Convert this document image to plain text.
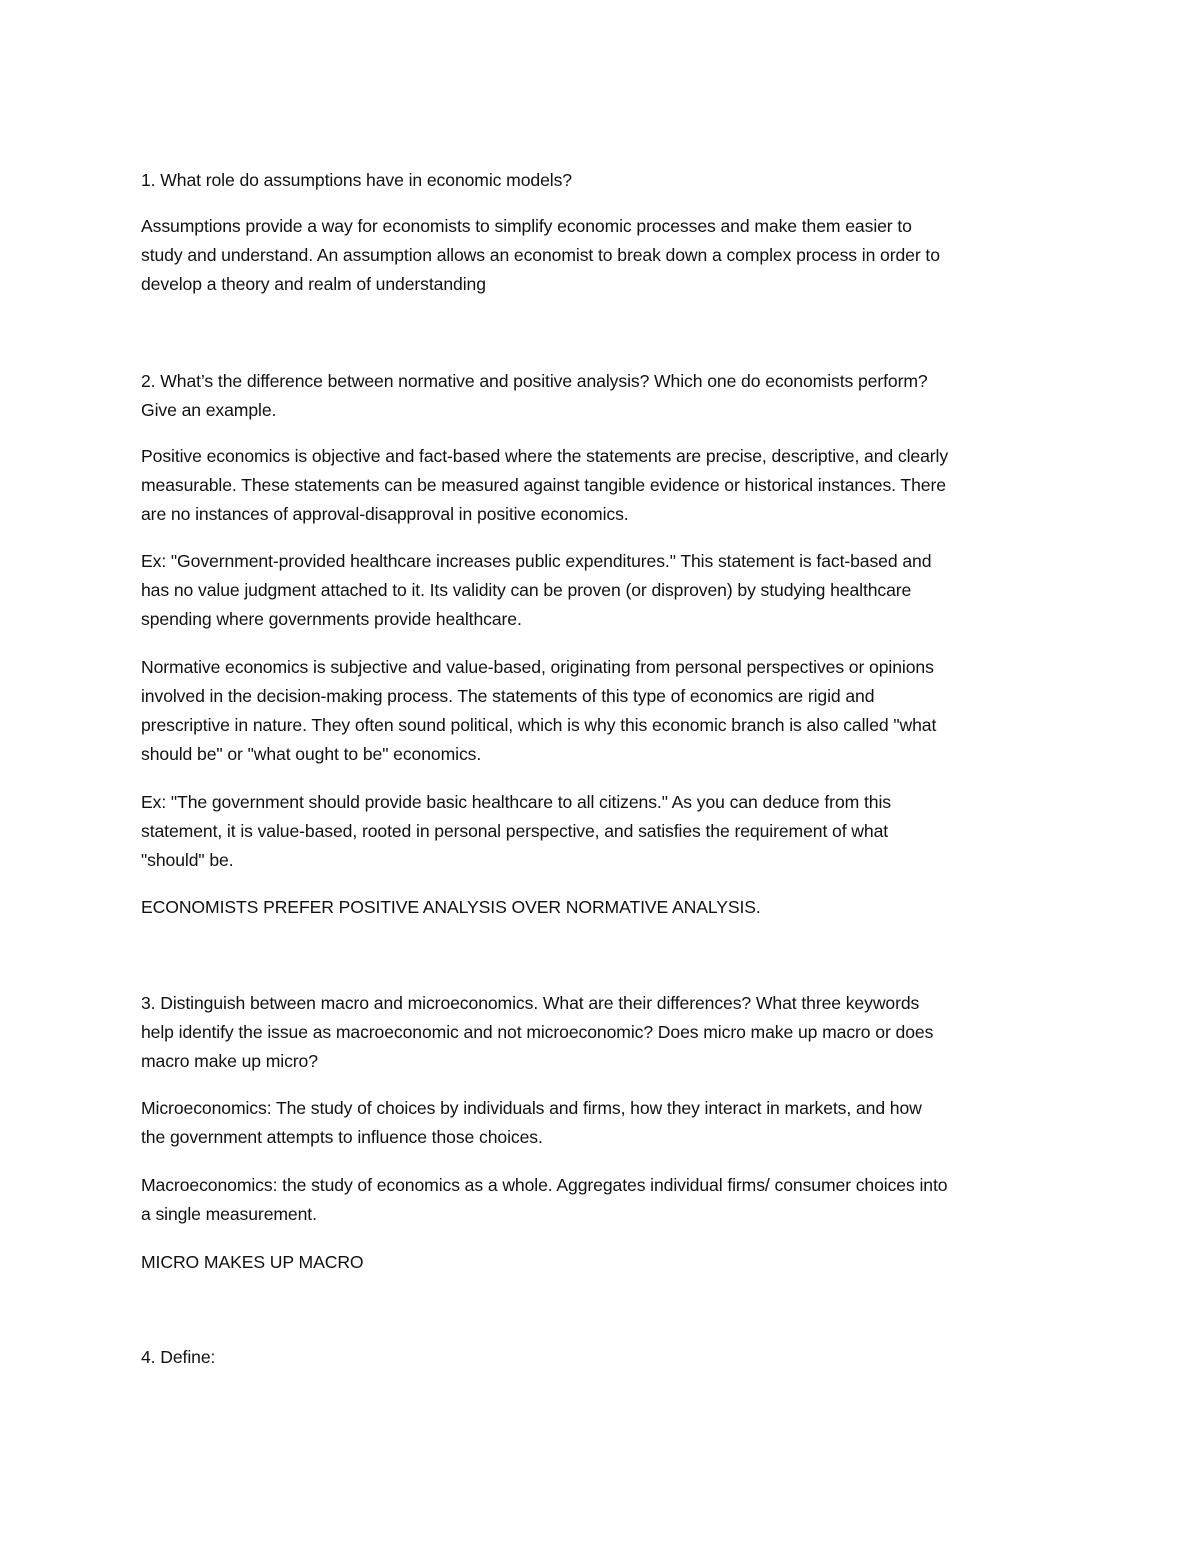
1. What role do assumptions have in economic models?
Assumptions provide a way for economists to simplify economic processes and make them easier to
study and understand. An assumption allows an economist to break down a complex process in order to
develop a theory and realm of understanding
2. What’s the difference between normative and positive analysis? Which one do economists perform?
Give an example.
Positive economics is objective and fact-based where the statements are precise, descriptive, and clearly
measurable. These statements can be measured against tangible evidence or historical instances. There
are no instances of approval-disapproval in positive economics.
Ex: "Government-provided healthcare increases public expenditures." This statement is fact-based and
has no value judgment attached to it. Its validity can be proven (or disproven) by studying healthcare
spending where governments provide healthcare.
Normative economics is subjective and value-based, originating from personal perspectives or opinions
involved in the decision-making process. The statements of this type of economics are rigid and
prescriptive in nature. They often sound political, which is why this economic branch is also called "what
should be" or "what ought to be" economics.
Ex: "The government should provide basic healthcare to all citizens." As you can deduce from this
statement, it is value-based, rooted in personal perspective, and satisfies the requirement of what
"should" be.
ECONOMISTS PREFER POSITIVE ANALYSIS OVER NORMATIVE ANALYSIS.
3. Distinguish between macro and microeconomics. What are their differences? What three keywords
help identify the issue as macroeconomic and not microeconomic? Does micro make up macro or does
macro make up micro?
Microeconomics: The study of choices by individuals and firms, how they interact in markets, and how
the government attempts to influence those choices.
Macroeconomics: the study of economics as a whole. Aggregates individual firms/ consumer choices into
a single measurement.
MICRO MAKES UP MACRO
4. Define:
